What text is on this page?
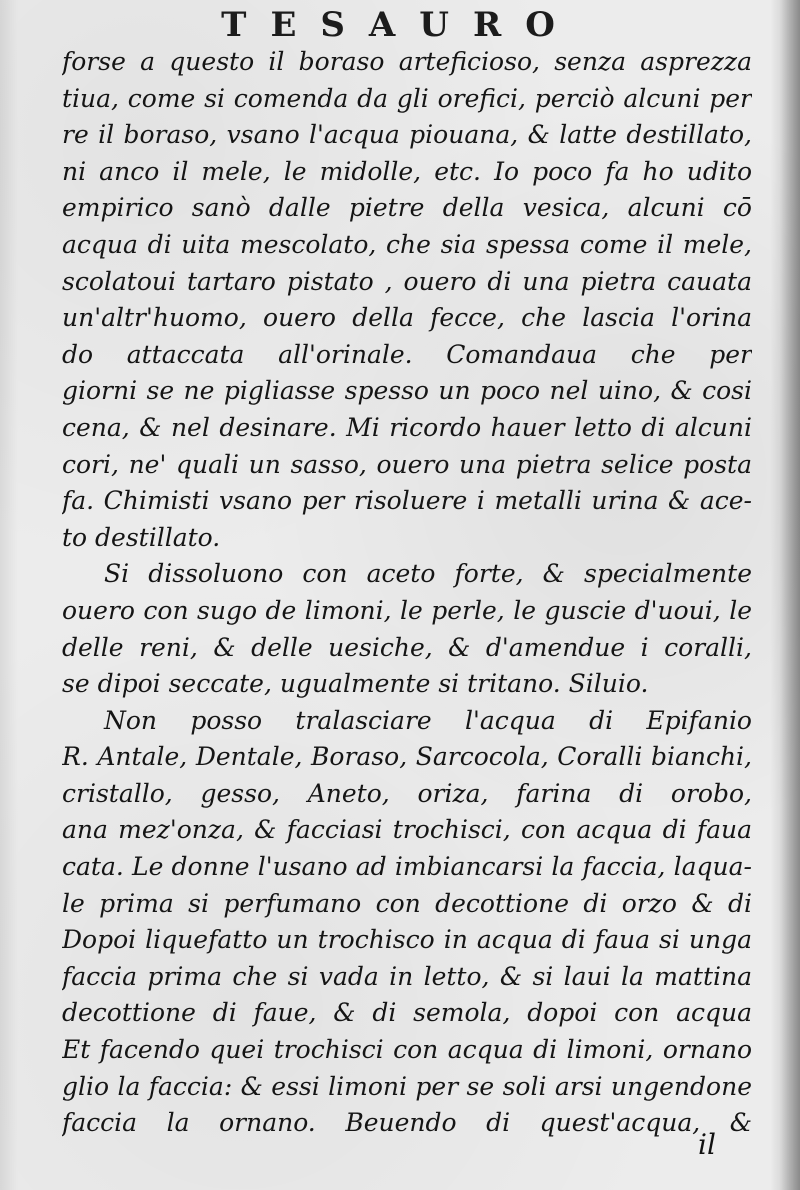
TESAURO
forse a questo il boraso arteficioso, senza asprezza
tiua, come si comenda da gli orefici, perciò alcuni per
re il boraso, vsano l'acqua piouana, & latte destillato,
ni anco il mele, le midolle, etc. Io poco fa ho udito
empirico sanò dalle pietre della vesica, alcuni cō
acqua di uita mescolato, che sia spessa come il mele,
scolatoui tartaro pistato , ouero di una pietra cauata
un'altr'huomo, ouero della fecce, che lascia l'orina
do attaccata all'orinale. Comandaua che per
giorni se ne pigliasse spesso un poco nel uino, & cosi
cena, & nel desinare. Mi ricordo hauer letto di alcuni
cori, ne' quali un sasso, ouero una pietra selice posta
fa. Chimisti vsano per risoluere i metalli urina & ace-
to destillato.
Si dissoluono con aceto forte, & specialmente
ouero con sugo de limoni, le perle, le guscie d'uoui, le
delle reni, & delle uesiche, & d'amendue i coralli,
se dipoi seccate, ugualmente si tritano. Siluio.
Non posso tralasciare l'acqua di Epifanio
R. Antale, Dentale, Boraso, Sarcocola, Coralli bianchi,
cristallo, gesso, Aneto, oriza, farina di orobo,
ana mez'onza, & facciasi trochisci, con acqua di faua
cata. Le donne l'usano ad imbiancarsi la faccia, laqua-
le prima si perfumano con decottione di orzo & di
Dopoi liquefatto un trochisco in acqua di faua si unga
faccia prima che si vada in letto, & si laui la mattina
decottione di faue, & di semola, dopoi con acqua
Et facendo quei trochisci con acqua di limoni, ornano
glio la faccia: & essi limoni per se soli arsi ungendone
faccia la ornano. Beuendo di quest'acqua, &

il
